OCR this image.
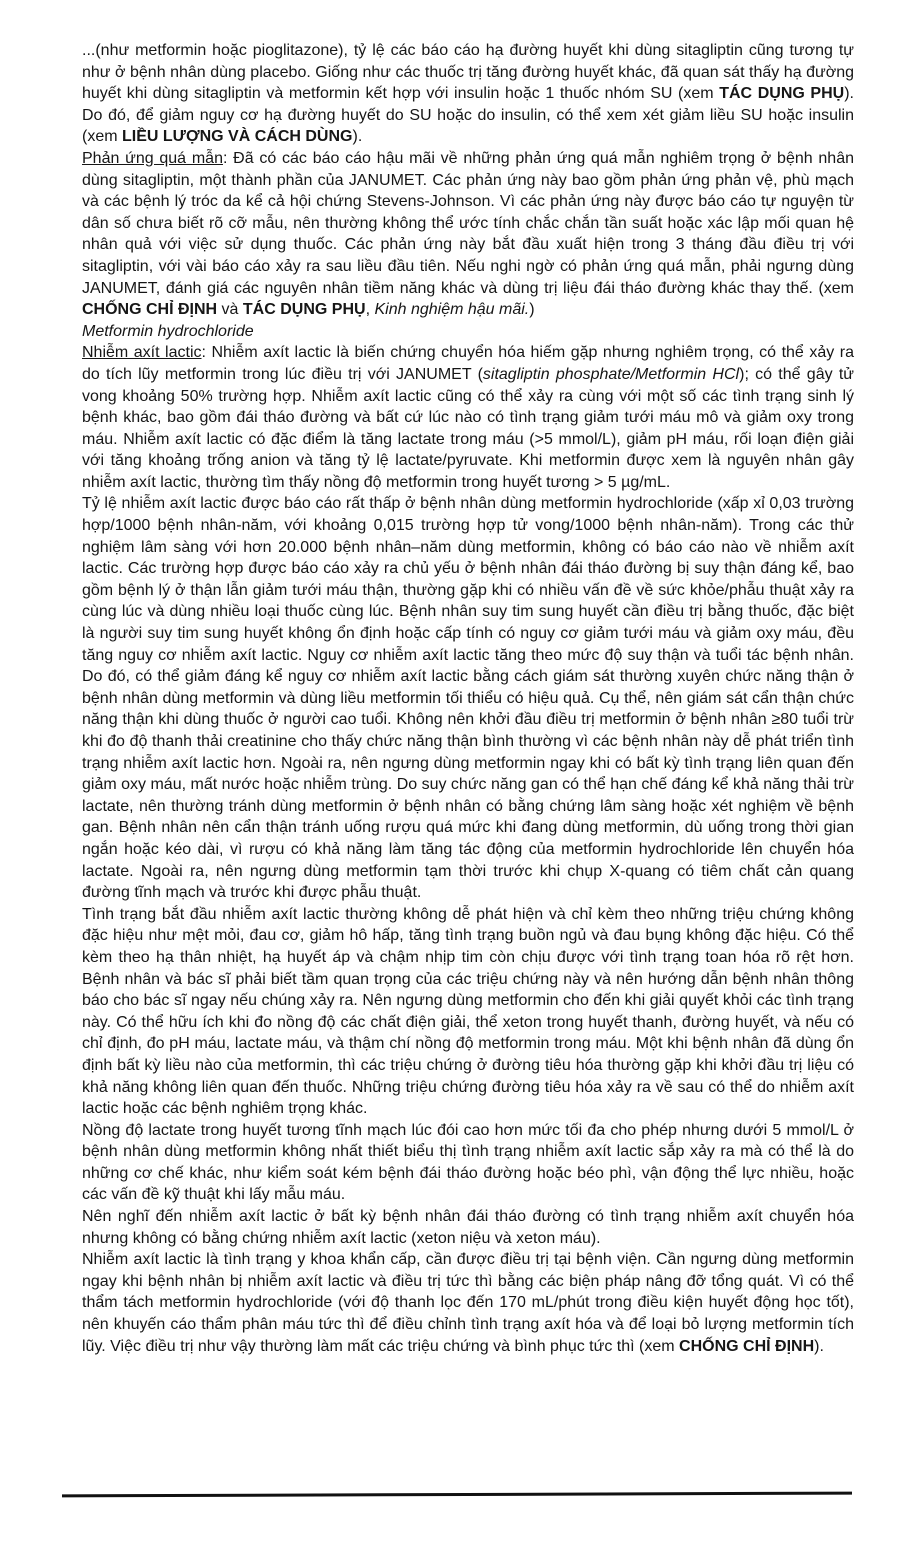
...(như metformin hoặc pioglitazone), tỷ lệ các báo cáo hạ đường huyết khi dùng sitagliptin cũng tương tự như ở bệnh nhân dùng placebo. Giống như các thuốc trị tăng đường huyết khác, đã quan sát thấy hạ đường huyết khi dùng sitagliptin và metformin kết hợp với insulin hoặc 1 thuốc nhóm SU (xem TÁC DỤNG PHỤ). Do đó, để giảm nguy cơ hạ đường huyết do SU hoặc do insulin, có thể xem xét giảm liều SU hoặc insulin (xem LIỀU LƯỢNG VÀ CÁCH DÙNG).

Phản ứng quá mẫn: Đã có các báo cáo hậu mãi về những phản ứng quá mẫn nghiêm trọng ở bệnh nhân dùng sitagliptin, một thành phần của JANUMET. Các phản ứng này bao gồm phản ứng phản vệ, phù mạch và các bệnh lý tróc da kể cả hội chứng Stevens-Johnson. Vì các phản ứng này được báo cáo tự nguyện từ dân số chưa biết rõ cỡ mẫu, nên thường không thể ước tính chắc chắn tần suất hoặc xác lập mối quan hệ nhân quả với việc sử dụng thuốc. Các phản ứng này bắt đầu xuất hiện trong 3 tháng đầu điều trị với sitagliptin, với vài báo cáo xảy ra sau liều đầu tiên. Nếu nghi ngờ có phản ứng quá mẫn, phải ngưng dùng JANUMET, đánh giá các nguyên nhân tiềm năng khác và dùng trị liệu đái tháo đường khác thay thế. (xem CHỐNG CHỈ ĐỊNH và TÁC DỤNG PHỤ, Kinh nghiệm hậu mãi.)

Metformin hydrochloride

Nhiễm axít lactic: Nhiễm axít lactic là biến chứng chuyển hóa hiếm gặp nhưng nghiêm trọng, có thể xảy ra do tích lũy metformin trong lúc điều trị với JANUMET (sitagliptin phosphate/Metformin HCl); có thể gây tử vong khoảng 50% trường hợp. Nhiễm axít lactic cũng có thể xảy ra cùng với một số các tình trạng sinh lý bệnh khác, bao gồm đái tháo đường và bất cứ lúc nào có tình trạng giảm tưới máu mô và giảm oxy trong máu. Nhiễm axít lactic có đặc điểm là tăng lactate trong máu (>5 mmol/L), giảm pH máu, rối loạn điện giải với tăng khoảng trống anion và tăng tỷ lệ lactate/pyruvate. Khi metformin được xem là nguyên nhân gây nhiễm axít lactic, thường tìm thấy nồng độ metformin trong huyết tương > 5 µg/mL.

Tỷ lệ nhiễm axít lactic được báo cáo rất thấp ở bệnh nhân dùng metformin hydrochloride (xấp xỉ 0,03 trường hợp/1000 bệnh nhân-năm, với khoảng 0,015 trường hợp tử vong/1000 bệnh nhân-năm). Trong các thử nghiệm lâm sàng với hơn 20.000 bệnh nhân–năm dùng metformin, không có báo cáo nào về nhiễm axít lactic. Các trường hợp được báo cáo xảy ra chủ yếu ở bệnh nhân đái tháo đường bị suy thận đáng kể, bao gồm bệnh lý ở thận lẫn giảm tưới máu thận, thường gặp khi có nhiều vấn đề về sức khỏe/phẫu thuật xảy ra cùng lúc và dùng nhiều loại thuốc cùng lúc. Bệnh nhân suy tim sung huyết cần điều trị bằng thuốc, đặc biệt là người suy tim sung huyết không ổn định hoặc cấp tính có nguy cơ giảm tưới máu và giảm oxy máu, đều tăng nguy cơ nhiễm axít lactic. Nguy cơ nhiễm axít lactic tăng theo mức độ suy thận và tuổi tác bệnh nhân. Do đó, có thể giảm đáng kể nguy cơ nhiễm axít lactic bằng cách giám sát thường xuyên chức năng thận ở bệnh nhân dùng metformin và dùng liều metformin tối thiểu có hiệu quả. Cụ thể, nên giám sát cẩn thận chức năng thận khi dùng thuốc ở người cao tuổi. Không nên khởi đầu điều trị metformin ở bệnh nhân ≥80 tuổi trừ khi đo độ thanh thải creatinine cho thấy chức năng thận bình thường vì các bệnh nhân này dễ phát triển tình trạng nhiễm axít lactic hơn. Ngoài ra, nên ngưng dùng metformin ngay khi có bất kỳ tình trạng liên quan đến giảm oxy máu, mất nước hoặc nhiễm trùng. Do suy chức năng gan có thể hạn chế đáng kể khả năng thải trừ lactate, nên thường tránh dùng metformin ở bệnh nhân có bằng chứng lâm sàng hoặc xét nghiệm về bệnh gan. Bệnh nhân nên cẩn thận tránh uống rượu quá mức khi đang dùng metformin, dù uống trong thời gian ngắn hoặc kéo dài, vì rượu có khả năng làm tăng tác động của metformin hydrochloride lên chuyển hóa lactate. Ngoài ra, nên ngưng dùng metformin tạm thời trước khi chụp X-quang có tiêm chất cản quang đường tĩnh mạch và trước khi được phẫu thuật.

Tình trạng bắt đầu nhiễm axít lactic thường không dễ phát hiện và chỉ kèm theo những triệu chứng không đặc hiệu như mệt mỏi, đau cơ, giảm hô hấp, tăng tình trạng buồn ngủ và đau bụng không đặc hiệu. Có thể kèm theo hạ thân nhiệt, hạ huyết áp và chậm nhịp tim còn chịu được với tình trạng toan hóa rõ rệt hơn. Bệnh nhân và bác sĩ phải biết tầm quan trọng của các triệu chứng này và nên hướng dẫn bệnh nhân thông báo cho bác sĩ ngay nếu chúng xảy ra. Nên ngưng dùng metformin cho đến khi giải quyết khỏi các tình trạng này. Có thể hữu ích khi đo nồng độ các chất điện giải, thể xeton trong huyết thanh, đường huyết, và nếu có chỉ định, đo pH máu, lactate máu, và thậm chí nồng độ metformin trong máu. Một khi bệnh nhân đã dùng ổn định bất kỳ liều nào của metformin, thì các triệu chứng ở đường tiêu hóa thường gặp khi khởi đầu trị liệu có khả năng không liên quan đến thuốc. Những triệu chứng đường tiêu hóa xảy ra về sau có thể do nhiễm axít lactic hoặc các bệnh nghiêm trọng khác.

Nồng độ lactate trong huyết tương tĩnh mạch lúc đói cao hơn mức tối đa cho phép nhưng dưới 5 mmol/L ở bệnh nhân dùng metformin không nhất thiết biểu thị tình trạng nhiễm axít lactic sắp xảy ra mà có thể là do những cơ chế khác, như kiểm soát kém bệnh đái tháo đường hoặc béo phì, vận động thể lực nhiều, hoặc các vấn đề kỹ thuật khi lấy mẫu máu.

Nên nghĩ đến nhiễm axít lactic ở bất kỳ bệnh nhân đái tháo đường có tình trạng nhiễm axít chuyển hóa nhưng không có bằng chứng nhiễm axít lactic (xeton niệu và xeton máu).

Nhiễm axít lactic là tình trạng y khoa khẩn cấp, cần được điều trị tại bệnh viện. Cần ngưng dùng metformin ngay khi bệnh nhân bị nhiễm axít lactic và điều trị tức thì bằng các biện pháp nâng đỡ tổng quát. Vì có thể thẩm tách metformin hydrochloride (với độ thanh lọc đến 170 mL/phút trong điều kiện huyết động học tốt), nên khuyến cáo thẩm phân máu tức thì để điều chỉnh tình trạng axít hóa và để loại bỏ lượng metformin tích lũy. Việc điều trị như vậy thường làm mất các triệu chứng và bình phục tức thì (xem CHỐNG CHỈ ĐỊNH).
